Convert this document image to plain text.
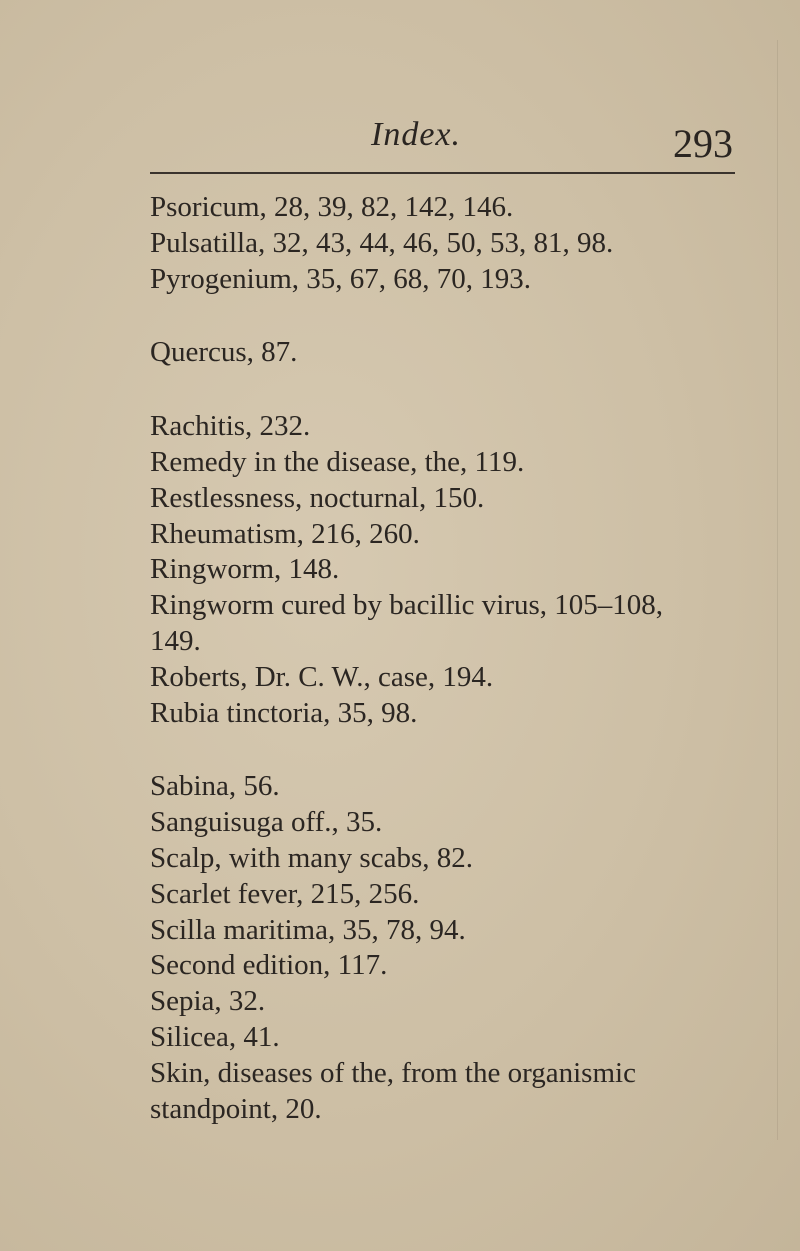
Index.	293
Psoricum, 28, 39, 82, 142, 146.
Pulsatilla, 32, 43, 44, 46, 50, 53, 81, 98.
Pyrogenium, 35, 67, 68, 70, 193.
Quercus, 87.
Rachitis, 232.
Remedy in the disease, the, 119.
Restlessness, nocturnal, 150.
Rheumatism, 216, 260.
Ringworm, 148.
Ringworm cured by bacillic virus, 105–108,
149.
Roberts, Dr. C. W., case, 194.
Rubia tinctoria, 35, 98.
Sabina, 56.
Sanguisuga off., 35.
Scalp, with many scabs, 82.
Scarlet fever, 215, 256.
Scilla maritima, 35, 78, 94.
Second edition, 117.
Sepia, 32.
Silicea, 41.
Skin, diseases of the, from the organismic
standpoint, 20.
